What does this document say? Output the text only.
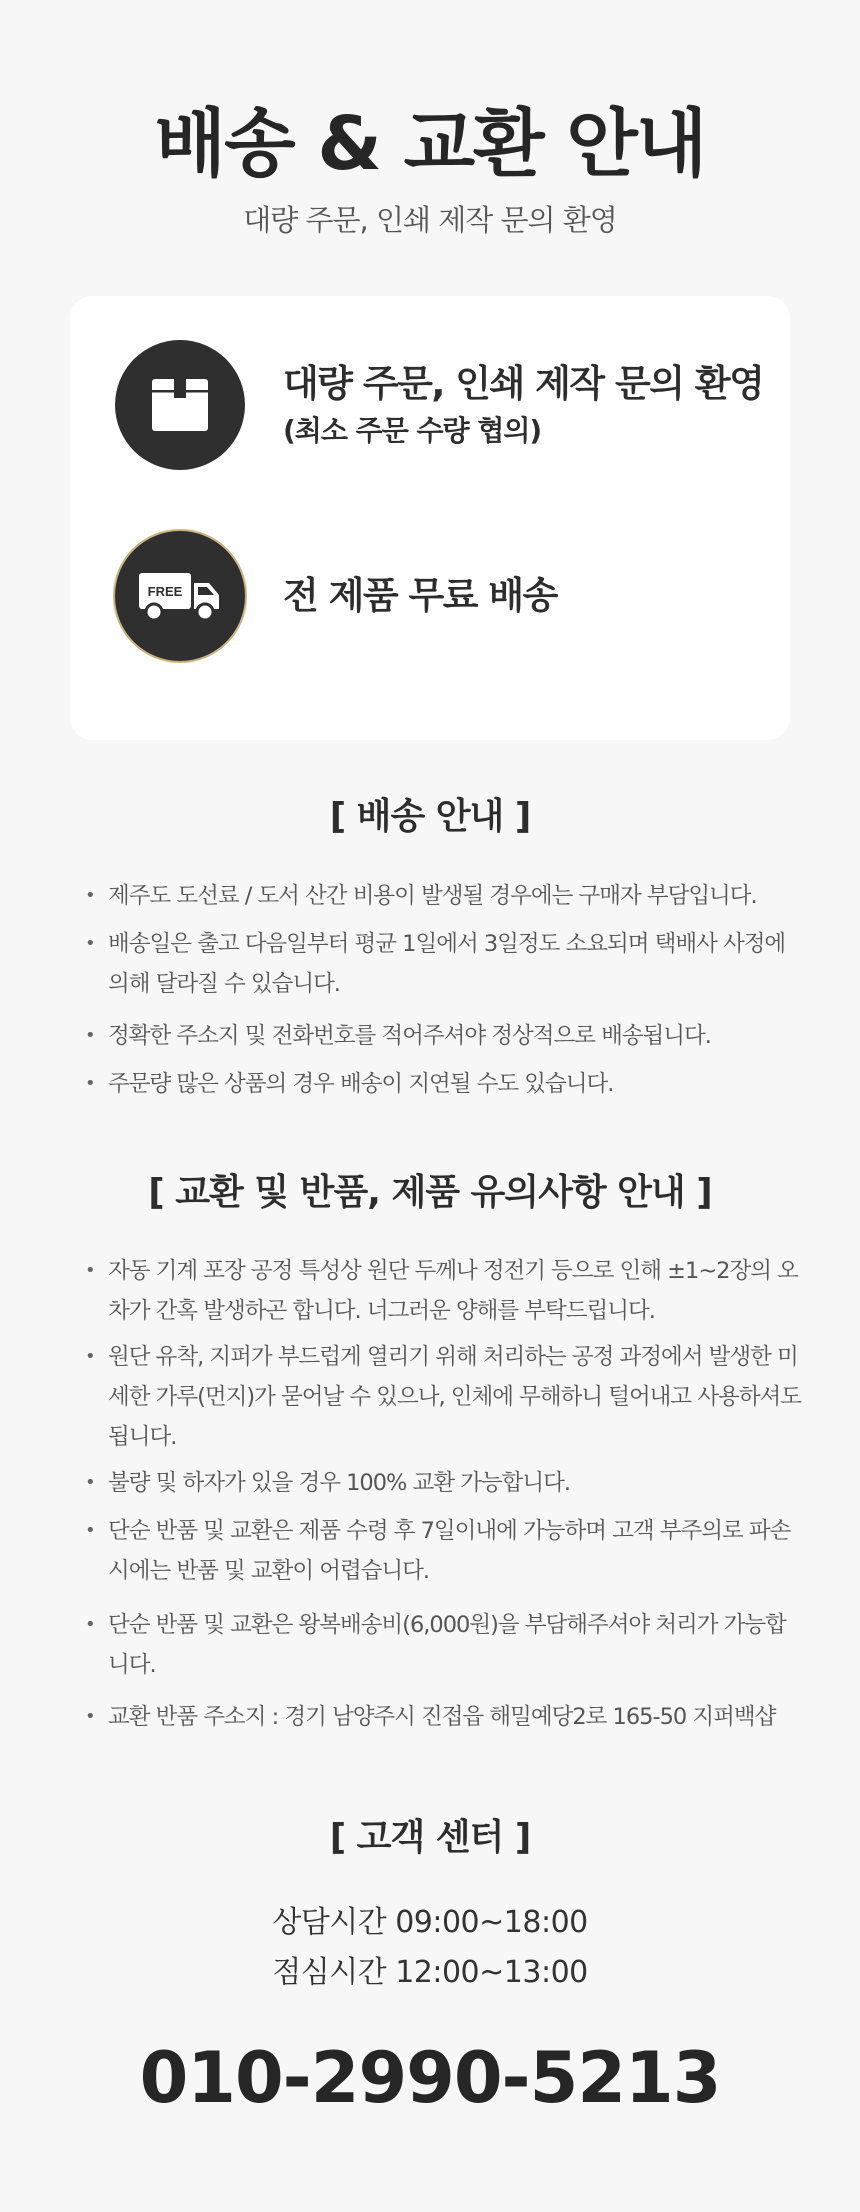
배송 & 교환 안내
대량 주문, 인쇄 제작 문의 환영
대량 주문, 인쇄 제작 문의 환영
(최소 주문 수량 협의)
FREE	전 제품 무료 배송
[ 배송 안내 ]
• 제주도 도선료 / 도서 산간 비용이 발생될 경우에는 구매자 부담입니다.
• 배송일은 출고 다음일부터 평균 1일에서 3일정도 소요되며 택배사 사정에 의해 달라질 수 있습니다.
• 정확한 주소지 및 전화번호를 적어주셔야 정상적으로 배송됩니다.
• 주문량 많은 상품의 경우 배송이 지연될 수도 있습니다.
[ 교환 및 반품, 제품 유의사항 안내 ]
• 자동 기계 포장 공정 특성상 원단 두께나 정전기 등으로 인해 ±1~2장의 오차가 간혹 발생하곤 합니다. 너그러운 양해를 부탁드립니다.
• 원단 유착, 지퍼가 부드럽게 열리기 위해 처리하는 공정 과정에서 발생한 미세한 가루(먼지)가 묻어날 수 있으나, 인체에 무해하니 털어내고 사용하셔도 됩니다.
• 불량 및 하자가 있을 경우 100% 교환 가능합니다.
• 단순 반품 및 교환은 제품 수령 후 7일이내에 가능하며 고객 부주의로 파손시에는 반품 및 교환이 어렵습니다.
• 단순 반품 및 교환은 왕복배송비(6,000원)을 부담해주셔야 처리가 가능합니다.
• 교환 반품 주소지 : 경기 남양주시 진접읍 해밀예당2로 165-50 지퍼백샵
[ 고객 센터 ]
상담시간 09:00~18:00
점심시간 12:00~13:00
010-2990-5213
